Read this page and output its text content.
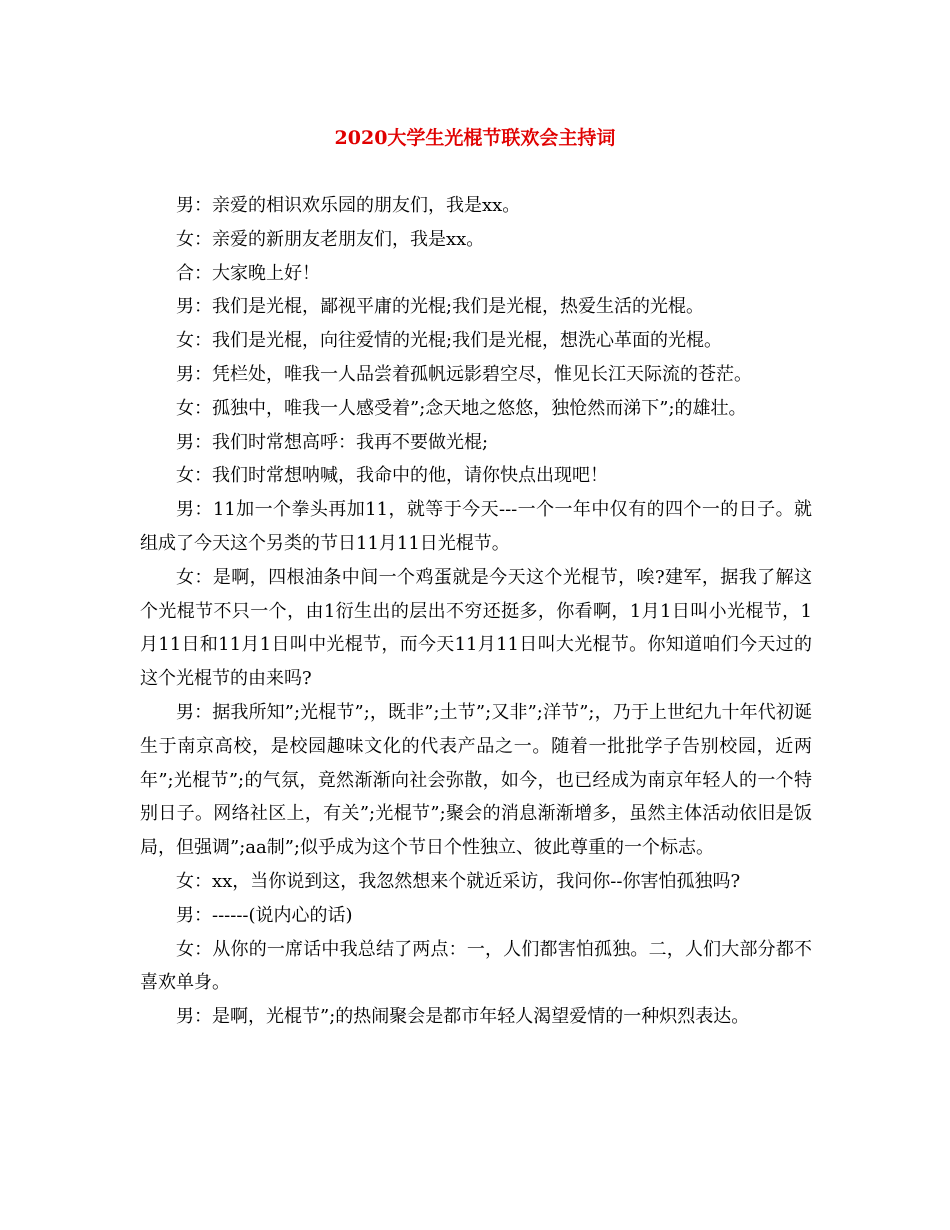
2020大学生光棍节联欢会主持词

男：亲爱的相识欢乐园的朋友们，我是xx。

女：亲爱的新朋友老朋友们，我是xx。

合：大家晚上好！

男：我们是光棍，鄙视平庸的光棍;我们是光棍，热爱生活的光棍。

女：我们是光棍，向往爱情的光棍;我们是光棍，想洗心革面的光棍。

男：凭栏处，唯我一人品尝着孤帆远影碧空尽，惟见长江天际流的苍茫。

女：孤独中，唯我一人感受着”;念天地之悠悠，独怆然而涕下”;的雄壮。

男：我们时常想高呼：我再不要做光棍;

女：我们时常想呐喊，我命中的他，请你快点出现吧！

男：11加一个拳头再加11，就等于今天---一个一年中仅有的四个一的日子。就组成了今天这个另类的节日11月11日光棍节。

女：是啊，四根油条中间一个鸡蛋就是今天这个光棍节，唉?建军，据我了解这个光棍节不只一个，由1衍生出的层出不穷还挺多，你看啊，1月1日叫小光棍节，1月11日和11月1日叫中光棍节，而今天11月11日叫大光棍节。你知道咱们今天过的这个光棍节的由来吗?

男：据我所知”;光棍节”;，既非”;土节”;又非”;洋节”;，乃于上世纪九十年代初诞生于南京高校，是校园趣味文化的代表产品之一。随着一批批学子告别校园，近两年”;光棍节”;的气氛，竟然渐渐向社会弥散，如今，也已经成为南京年轻人的一个特别日子。网络社区上，有关”;光棍节”;聚会的消息渐渐增多，虽然主体活动依旧是饭局，但强调”;aa制”;似乎成为这个节日个性独立、彼此尊重的一个标志。

女：xx，当你说到这，我忽然想来个就近采访，我问你--你害怕孤独吗?

男：------(说内心的话)

女：从你的一席话中我总结了两点：一，人们都害怕孤独。二，人们大部分都不喜欢单身。

男：是啊，光棍节”;的热闹聚会是都市年轻人渴望爱情的一种炽烈表达。
